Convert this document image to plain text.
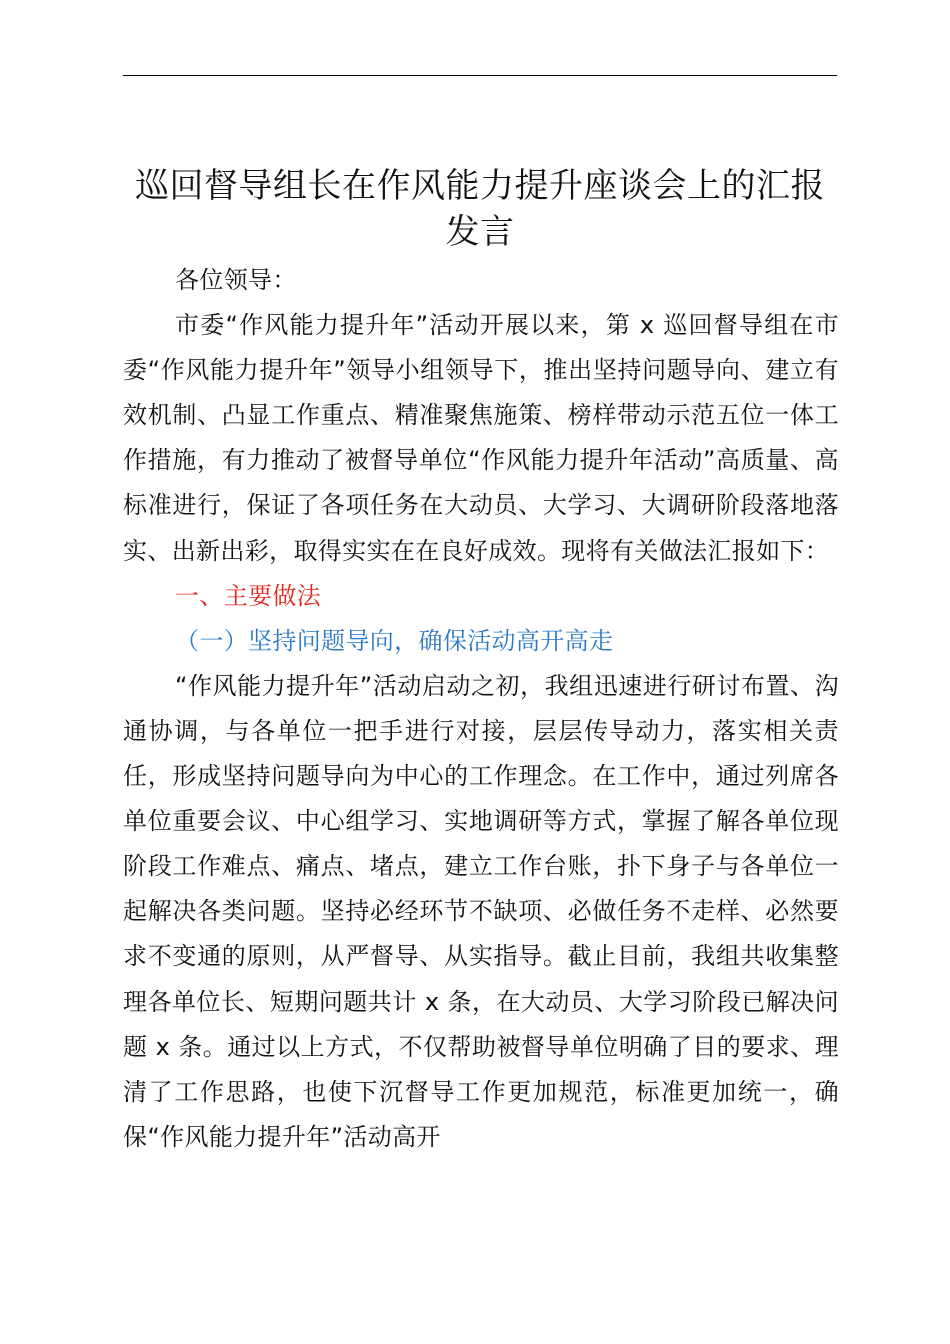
巡回督导组长在作风能力提升座谈会上的汇报
发言

各位领导：

市委“作风能力提升年”活动开展以来，第 x 巡回督导组在市委“作风能力提升年”领导小组领导下，推出坚持问题导向、建立有效机制、凸显工作重点、精准聚焦施策、榜样带动示范五位一体工作措施，有力推动了被督导单位“作风能力提升年活动”高质量、高标准进行，保证了各项任务在大动员、大学习、大调研阶段落地落实、出新出彩，取得实实在在良好成效。现将有关做法汇报如下：

一、主要做法

（一）坚持问题导向，确保活动高开高走

“作风能力提升年”活动启动之初，我组迅速进行研讨布置、沟通协调，与各单位一把手进行对接，层层传导动力，落实相关责任，形成坚持问题导向为中心的工作理念。在工作中，通过列席各单位重要会议、中心组学习、实地调研等方式，掌握了解各单位现阶段工作难点、痛点、堵点，建立工作台账，扑下身子与各单位一起解决各类问题。坚持必经环节不缺项、必做任务不走样、必然要求不变通的原则，从严督导、从实指导。截止目前，我组共收集整理各单位长、短期问题共计 x 条，在大动员、大学习阶段已解决问题 x 条。通过以上方式，不仅帮助被督导单位明确了目的要求、理清了工作思路，也使下沉督导工作更加规范，标准更加统一，确保“作风能力提升年”活动高开
